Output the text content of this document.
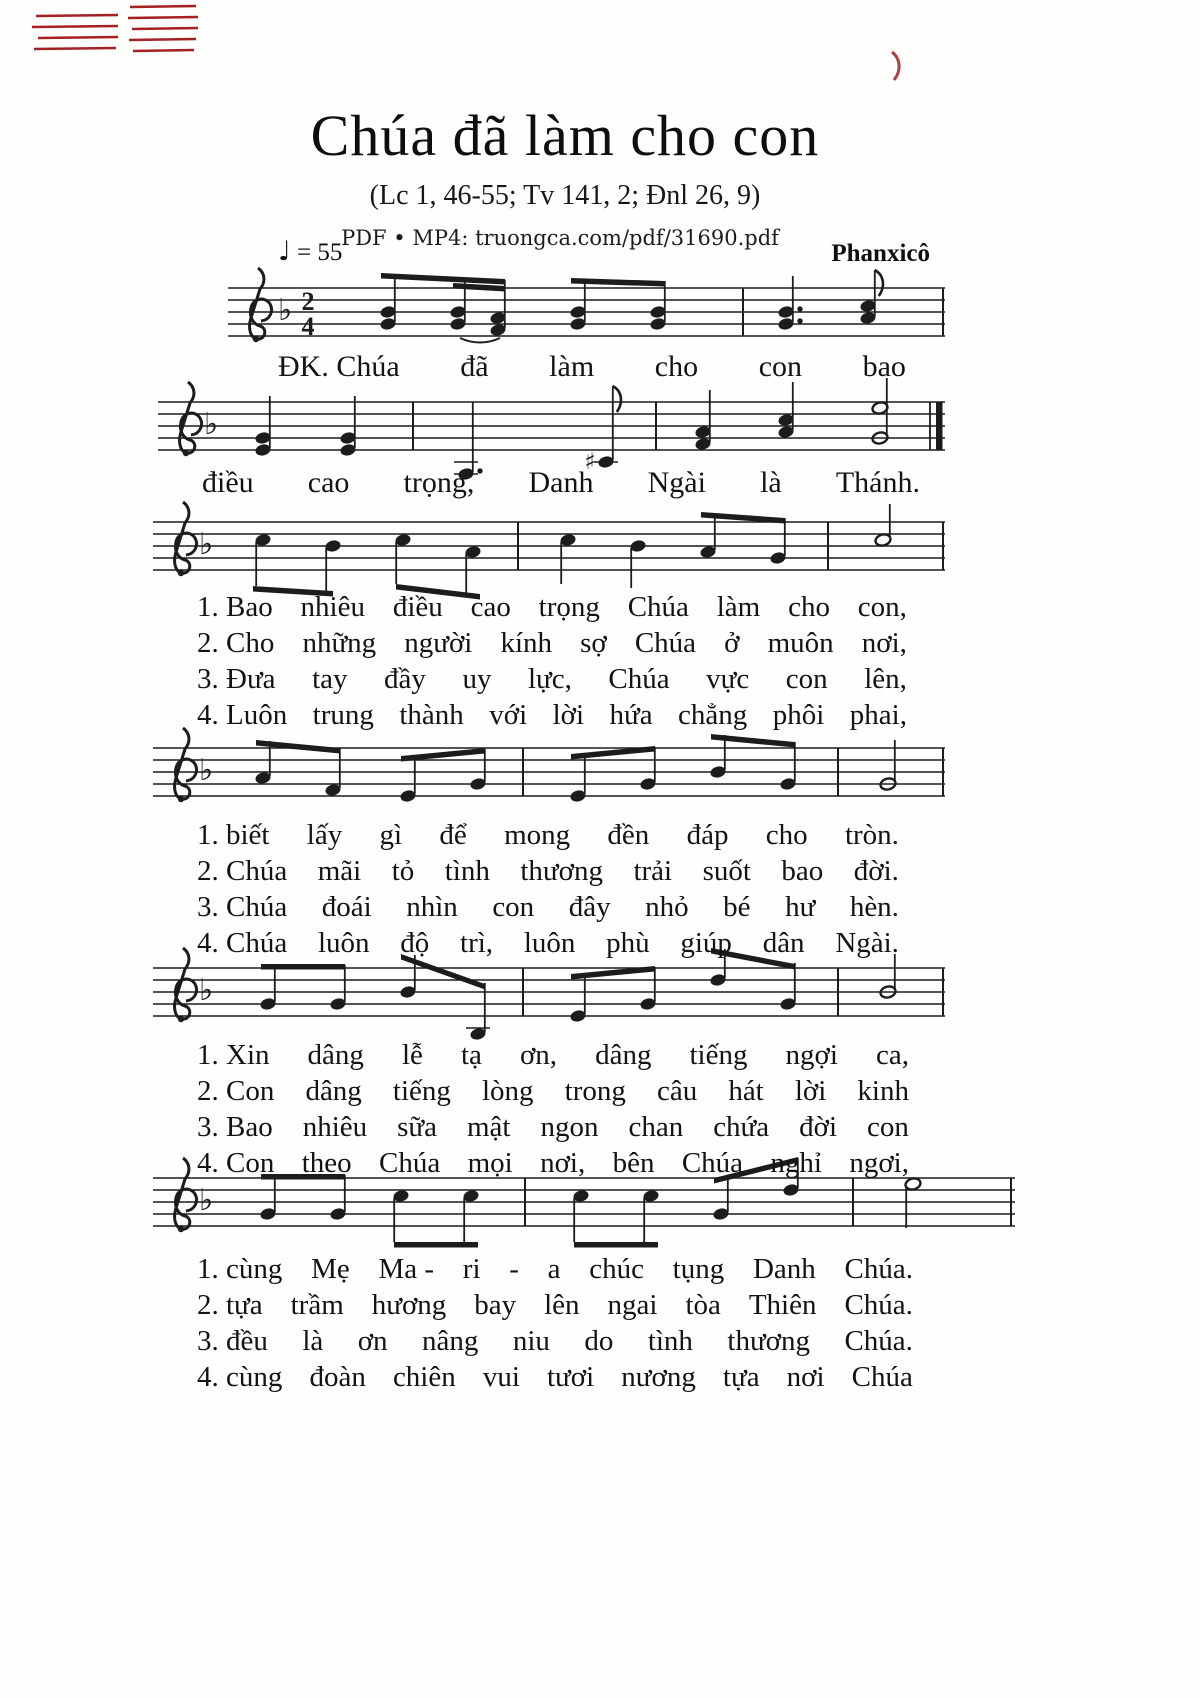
Chúa đã làm cho con
(Lc 1, 46-55; Tv 141, 2; Đnl 26, 9)
PDF • MP4: truongca.com/pdf/31690.pdf
♩ = 55	Phanxicô
♭ 2
4
♭
♯
♭
♭
♭
♭
ĐK. Chúa đã làm cho con bao
điều cao trọng, Danh Ngài là Thánh.
1. Bao nhiêu điều cao trọng Chúa làm cho con,
2. Cho những người kính sợ Chúa ở muôn nơi,
3. Đưa tay đầy uy lực, Chúa vực con lên,
4. Luôn trung thành với lời hứa chẳng phôi phai,
1. biết lấy gì để mong đền đáp cho tròn.
2. Chúa mãi tỏ tình thương trải suốt bao đời.
3. Chúa đoái nhìn con đây nhỏ bé hư hèn.
4. Chúa luôn độ trì, luôn phù giúp dân Ngài.
1. Xin dâng lễ tạ ơn, dâng tiếng ngợi ca,
2. Con dâng tiếng lòng trong câu hát lời kinh
3. Bao nhiêu sữa mật ngon chan chứa đời con
4. Con theo Chúa mọi nơi, bên Chúa nghỉ ngơi,
1. cùng Mẹ Ma - ri - a chúc tụng Danh Chúa.
2. tựa trầm hương bay lên ngai tòa Thiên Chúa.
3. đều là ơn nâng niu do tình thương Chúa.
4. cùng đoàn chiên vui tươi nương tựa nơi Chúa
